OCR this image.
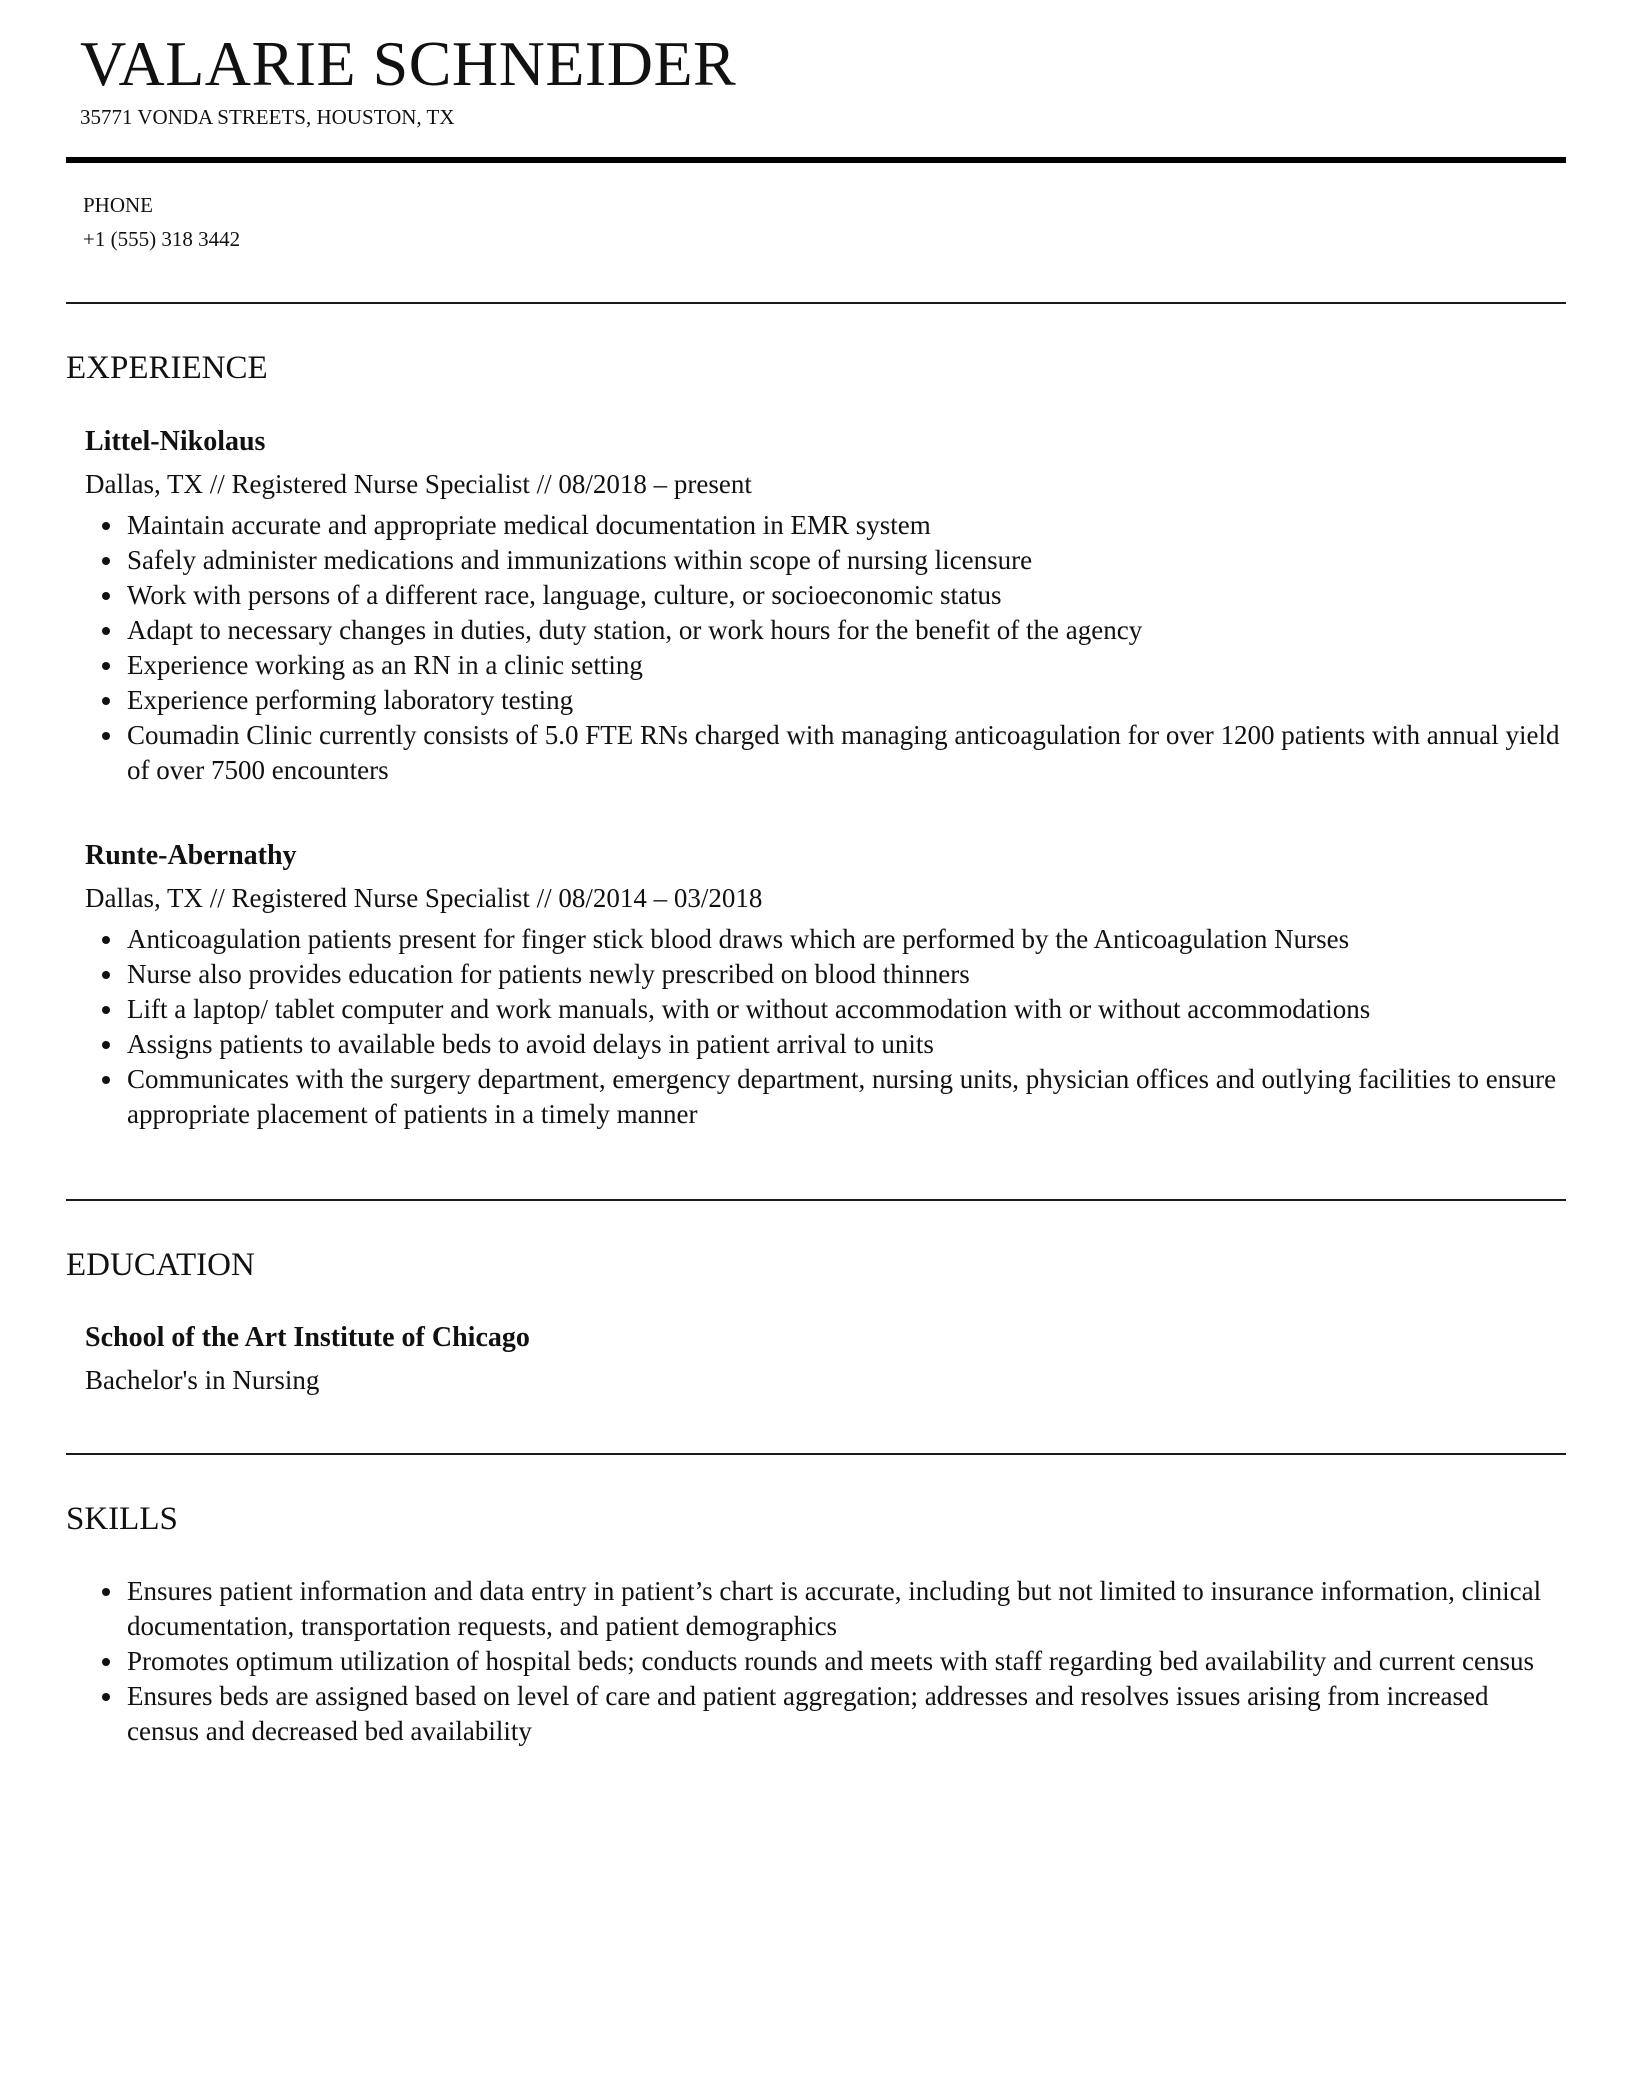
VALARIE SCHNEIDER
35771 VONDA STREETS, HOUSTON, TX
PHONE
+1 (555) 318 3442
EXPERIENCE

Littel-Nikolaus

Dallas, TX // Registered Nurse Specialist // 08/2018 – present

Maintain accurate and appropriate medical documentation in EMR system
Safely administer medications and immunizations within scope of nursing licensure
Work with persons of a different race, language, culture, or socioeconomic status
Adapt to necessary changes in duties, duty station, or work hours for the benefit of the agency
Experience working as an RN in a clinic setting
Experience performing laboratory testing
Coumadin Clinic currently consists of 5.0 FTE RNs charged with managing anticoagulation for over 1200 patients with annual yield of over 7500 encounters

Runte-Abernathy

Dallas, TX // Registered Nurse Specialist // 08/2014 – 03/2018

Anticoagulation patients present for finger stick blood draws which are performed by the Anticoagulation Nurses
Nurse also provides education for patients newly prescribed on blood thinners
Lift a laptop/ tablet computer and work manuals, with or without accommodation with or without accommodations
Assigns patients to available beds to avoid delays in patient arrival to units
Communicates with the surgery department, emergency department, nursing units, physician offices and outlying facilities to ensure appropriate placement of patients in a timely manner
EDUCATION

School of the Art Institute of Chicago

Bachelor's in Nursing

SKILLS
Ensures patient information and data entry in patient’s chart is accurate, including but not limited to insurance information, clinical documentation, transportation requests, and patient demographics
Promotes optimum utilization of hospital beds; conducts rounds and meets with staff regarding bed availability and current census
Ensures beds are assigned based on level of care and patient aggregation; addresses and resolves issues arising from increased census and decreased bed availability
